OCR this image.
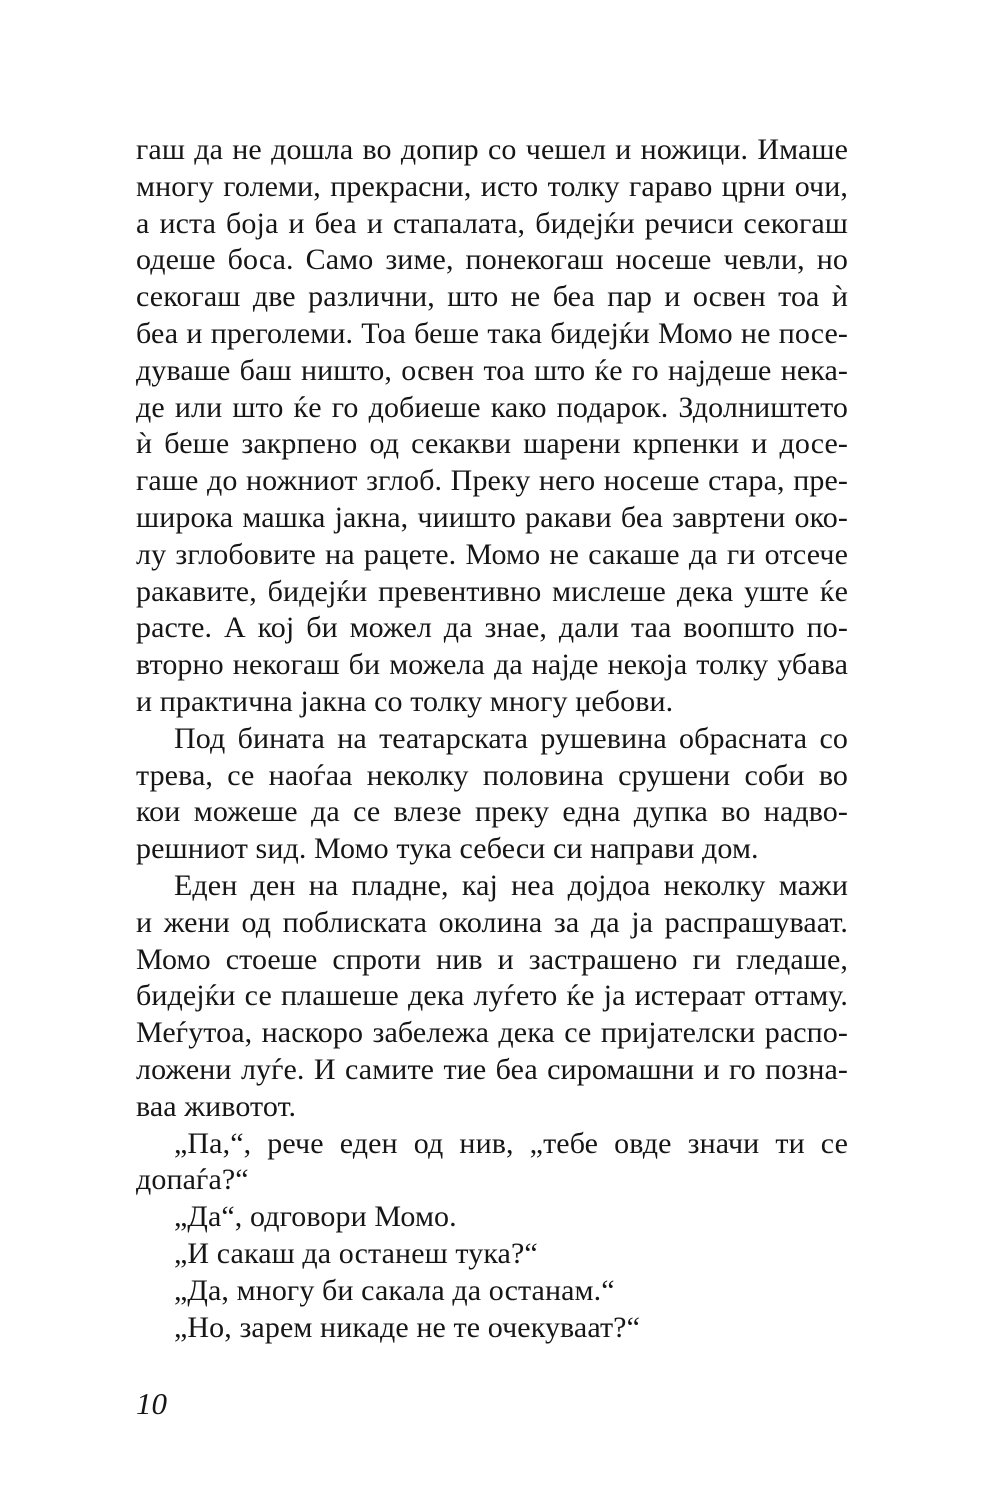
гаш да не дошла во допир со чешел и ножици. Имаше
многу големи, прекрасни, исто толку гараво црни очи,
а иста боја и беа и стапалата, бидејќи речиси секогаш
одеше боса. Само зиме, понекогаш носеше чевли, но
секогаш две различни, што не беа пар и освен тоа ѝ
беа и преголеми. Тоа беше така бидејќи Момо не посе-
дуваше баш ништо, освен тоа што ќе го најдеше нека-
де или што ќе го добиеше како подарок. Здолништето
ѝ беше закрпено од секакви шарени крпенки и досе-
гаше до ножниот зглоб. Преку него носеше стара, пре-
широка машка јакна, чиишто ракави беа завртени око-
лу зглобовите на рацете. Момо не сакаше да ги отсече
ракавите, бидејќи превентивно мислеше дека уште ќе
расте. А кој би можел да знае, дали таа воопшто по-
вторно некогаш би можела да најде некоја толку убава
и практична јакна со толку многу џебови.

Под бината на театарската рушевина обрасната со
трева, се наоѓаа неколку половина срушени соби во
кои можеше да се влезе преку една дупка во надво-
решниот ѕид. Момо тука себеси си направи дом.

Еден ден на пладне, кај неа дојдоа неколку мажи
и жени од поблиската околина за да ја распрашуваат.
Момо стоеше спроти нив и застрашено ги гледаше,
бидејќи се плашеше дека луѓето ќе ја истераат оттаму.
Меѓутоа, наскоро забележа дека се пријателски распо-
ложени луѓе. И самите тие беа сиромашни и го позна-
ваа животот.

„Па,“, рече еден од нив, „тебе овде значи ти се
допаѓа?“

„Да“, одговори Момо.

„И сакаш да останеш тука?“

„Да, многу би сакала да останам.“

„Но, зарем никаде не те очекуваат?“

10
